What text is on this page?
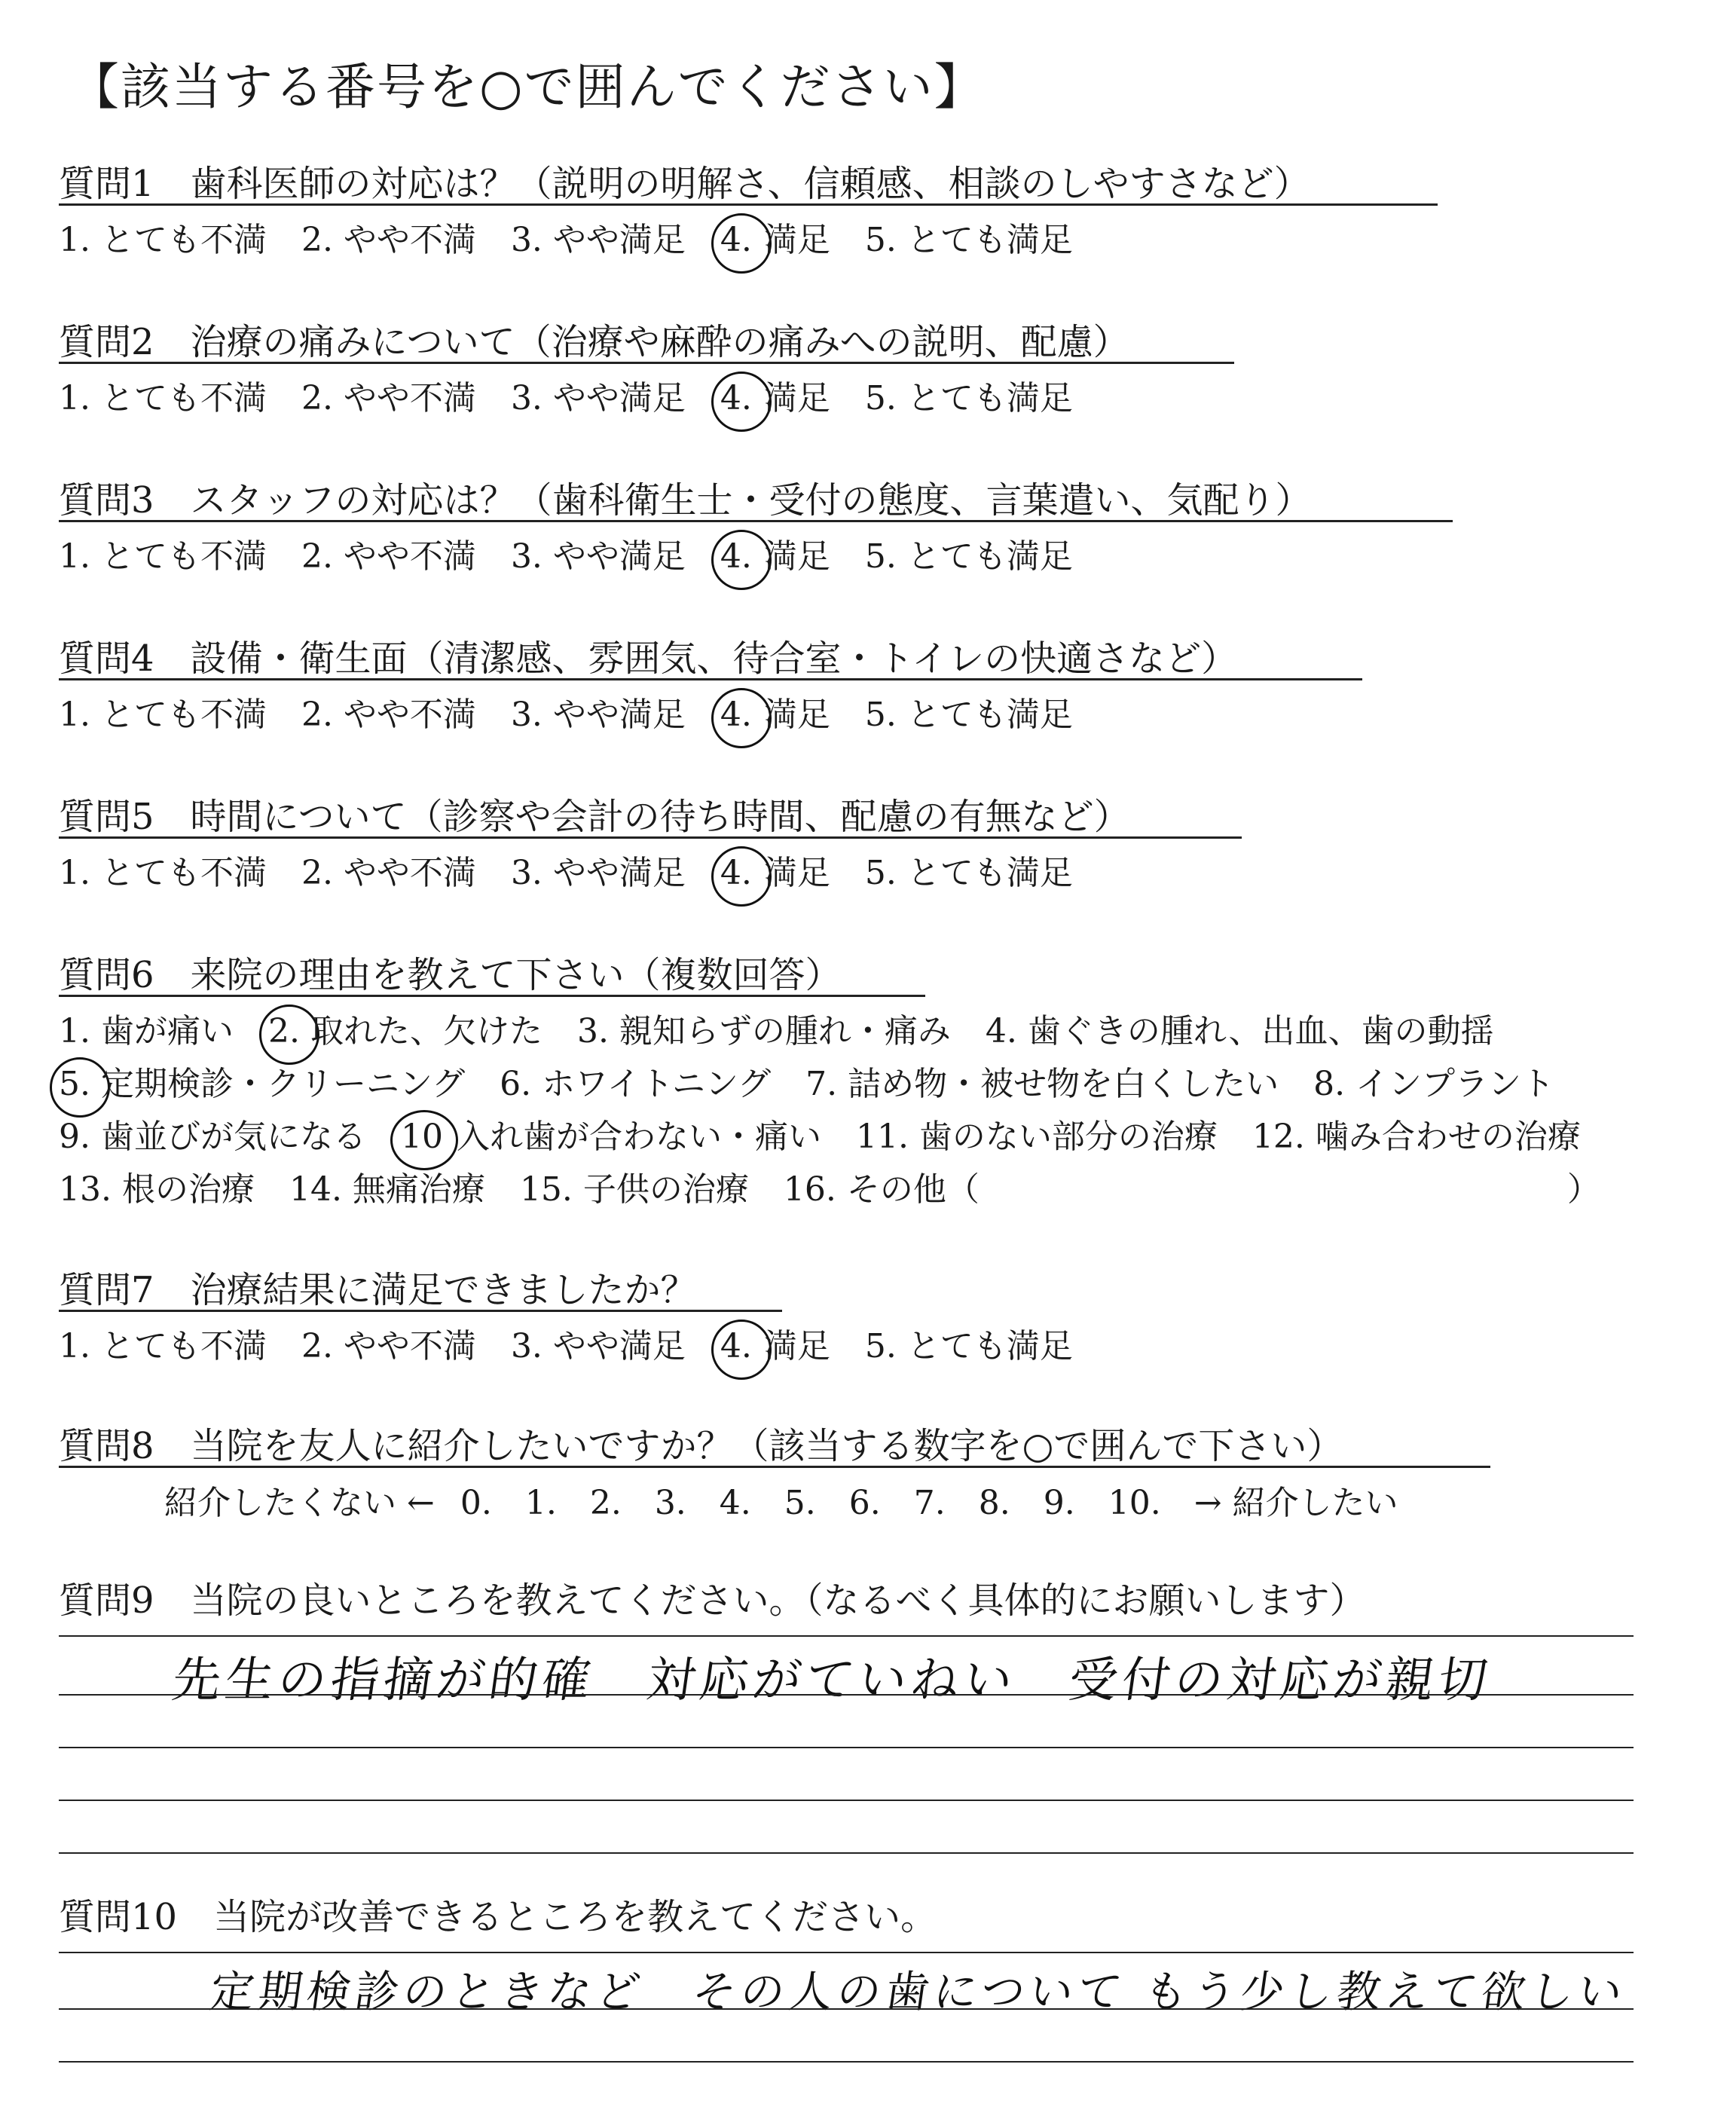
【該当する番号を○で囲んでください】
質問1 歯科医師の対応は？（説明の明解さ、信頼感、相談のしやすさなど）
1. とても不満 2. やや不満 3. やや満足 4. 満足 5. とても満足
質問2 治療の痛みについて（治療や麻酔の痛みへの説明、配慮）
1. とても不満 2. やや不満 3. やや満足 4. 満足 5. とても満足
質問3 スタッフの対応は？（歯科衛生士・受付の態度、言葉遣い、気配り）
1. とても不満 2. やや不満 3. やや満足 4. 満足 5. とても満足
質問4 設備・衛生面（清潔感、雰囲気、待合室・トイレの快適さなど）
1. とても不満 2. やや不満 3. やや満足 4. 満足 5. とても満足
質問5 時間について（診察や会計の待ち時間、配慮の有無など）
1. とても不満 2. やや不満 3. やや満足 4. 満足 5. とても満足
質問6 来院の理由を教えて下さい（複数回答）
1. 歯が痛い 2. 取れた、欠けた 3. 親知らずの腫れ・痛み 4. 歯ぐきの腫れ、出血、歯の動揺
5. 定期検診・クリーニング 6. ホワイトニング 7. 詰め物・被せ物を白くしたい 8. インプラント
9. 歯並びが気になる 10 入れ歯が合わない・痛い 11. 歯のない部分の治療 12. 噛み合わせの治療
13. 根の治療 14. 無痛治療 15. 子供の治療 16. その他（	）
質問7 治療結果に満足できましたか？
1. とても不満 2. やや不満 3. やや満足 4. 満足 5. とても満足
質問8 当院を友人に紹介したいですか？（該当する数字を○で囲んで下さい）
紹介したくない ← 0. 1. 2. 3. 4. 5. 6. 7. 8. 9. 10. → 紹介したい
質問9 当院の良いところを教えてください。（なるべく具体的にお願いします）
先生の指摘が的確　対応がていねい　受付の対応が親切
質問10 当院が改善できるところを教えてください。
定期検診のときなど　その人の歯について もう少し教えて欲しい
